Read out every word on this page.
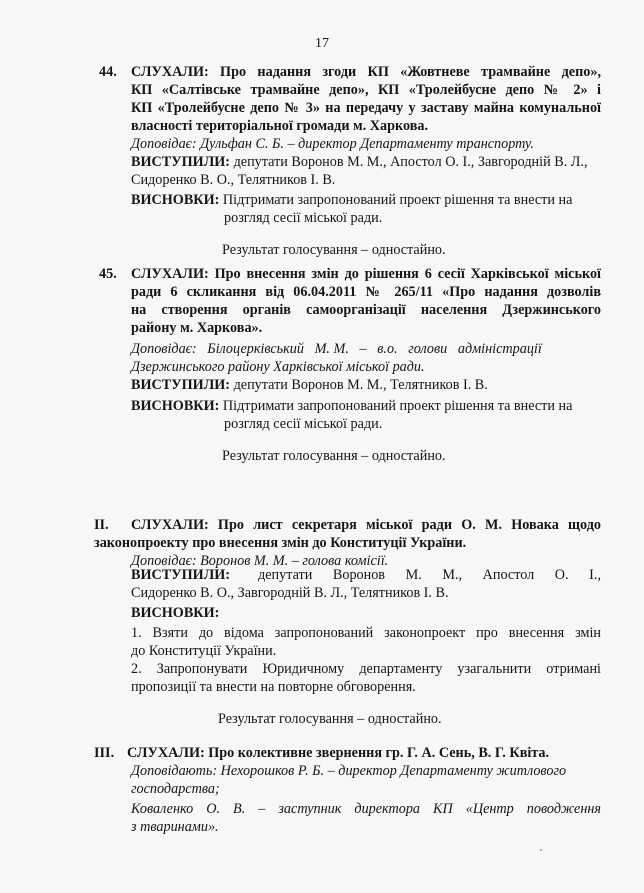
17
44. СЛУХАЛИ: Про надання згоди КП «Жовтневе трамвайне депо»,
КП «Салтівське трамвайне депо», КП «Тролейбусне депо № 2» і
КП «Тролейбусне депо № 3» на передачу у заставу майна комунальної
власності територіальної громади м. Харкова.
Доповідає: Дульфан С. Б. – директор Департаменту транспорту.
ВИСТУПИЛИ: депутати Воронов М. М., Апостол О. І., Завгородній В. Л.,
Сидоренко В. О., Телятников І. В.
ВИСНОВКИ: Підтримати запропонований проект рішення та внести на
розгляд сесії міської ради.
Результат голосування – одностайно.
45. СЛУХАЛИ: Про внесення змін до рішення 6 сесії Харківської міської
ради 6 скликання від 06.04.2011 № 265/11 «Про надання дозволів
на створення органів самоорганізації населення Дзержинського
району м. Харкова».
Доповідає:   Білоцерківський   М. М.   –   в.о.   голови   адміністрації
Дзержинського району Харківської міської ради.
ВИСТУПИЛИ: депутати Воронов М. М., Телятников І. В.
ВИСНОВКИ: Підтримати запропонований проект рішення та внести на
розгляд сесії міської ради.
Результат голосування – одностайно.
ІІ. СЛУХАЛИ: Про лист секретаря міської ради О. М. Новака щодо
законопроекту про внесення змін до Конституції України.
Доповідає: Воронов М. М. – голова комісії.
ВИСТУПИЛИ: депутати Воронов М. М., Апостол О. І.,
Сидоренко В. О., Завгородній В. Л., Телятников І. В.
ВИСНОВКИ:
1. Взяти до відома запропонований законопроект про внесення змін
до Конституції України.
2. Запропонувати Юридичному департаменту узагальнити отримані
пропозиції та внести на повторне обговорення.
Результат голосування – одностайно.
ІІІ. СЛУХАЛИ: Про колективне звернення гр. Г. А. Сень, В. Г. Квіта.
Доповідають: Нехорошков Р. Б. – директор Департаменту житлового
господарства;
Коваленко О. В. – заступник директора КП «Центр поводження
з тваринами».
